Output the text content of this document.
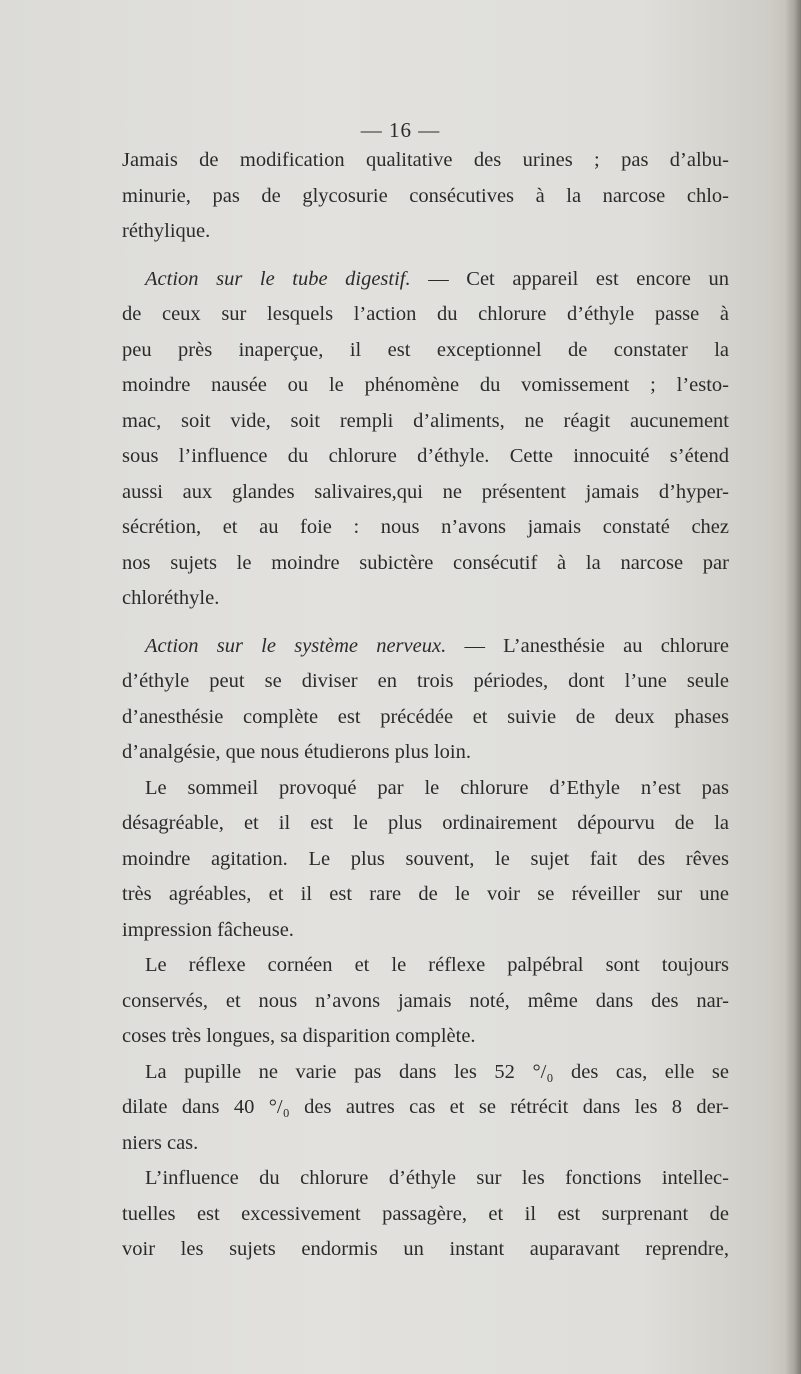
— 16 —
Jamais de modification qualitative des urines ; pas d’albu-
minurie, pas de glycosurie consécutives à la narcose chlo-
réthylique.
Action sur le tube digestif. — Cet appareil est encore un
de ceux sur lesquels l’action du chlorure d’éthyle passe à
peu près inaperçue, il est exceptionnel de constater la
moindre nausée ou le phénomène du vomissement ; l’esto-
mac, soit vide, soit rempli d’aliments, ne réagit aucunement
sous l’influence du chlorure d’éthyle. Cette innocuité s’étend
aussi aux glandes salivaires,qui ne présentent jamais d’hyper-
sécrétion, et au foie : nous n’avons jamais constaté chez
nos sujets le moindre subictère consécutif à la narcose par
chloréthyle.
Action sur le système nerveux. — L’anesthésie au chlorure
d’éthyle peut se diviser en trois périodes, dont l’une seule
d’anesthésie complète est précédée et suivie de deux phases
d’analgésie, que nous étudierons plus loin.
Le sommeil provoqué par le chlorure d’Ethyle n’est pas
désagréable, et il est le plus ordinairement dépourvu de la
moindre agitation. Le plus souvent, le sujet fait des rêves
très agréables, et il est rare de le voir se réveiller sur une
impression fâcheuse.
Le réflexe cornéen et le réflexe palpébral sont toujours
conservés, et nous n’avons jamais noté, même dans des nar-
coses très longues, sa disparition complète.
La pupille ne varie pas dans les 52 °/₀ des cas, elle se
dilate dans 40 °/₀ des autres cas et se rétrécit dans les 8 der-
niers cas.
L’influence du chlorure d’éthyle sur les fonctions intellec-
tuelles est excessivement passagère, et il est surprenant de
voir les sujets endormis un instant auparavant reprendre,
